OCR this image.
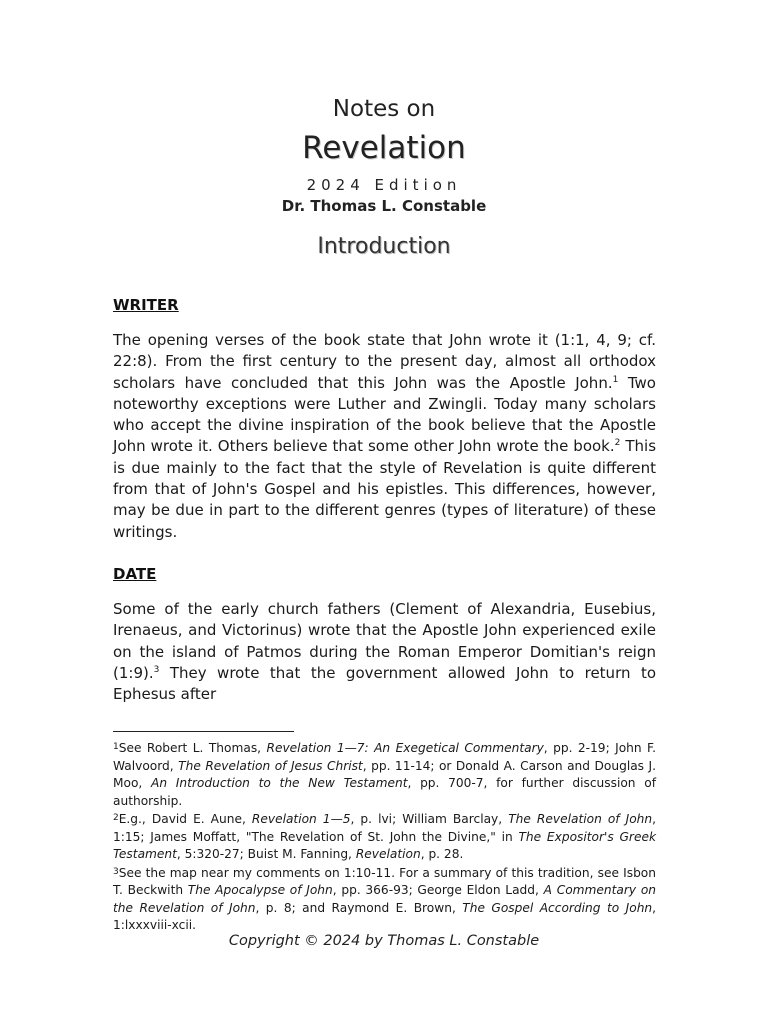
Notes on
Revelation
2024 Edition
Dr. Thomas L. Constable
Introduction
WRITER
The opening verses of the book state that John wrote it (1:1, 4, 9; cf. 22:8). From the first century to the present day, almost all orthodox scholars have concluded that this John was the Apostle John.$^1$ Two noteworthy exceptions were Luther and Zwingli. Today many scholars who accept the divine inspiration of the book believe that the Apostle John wrote it. Others believe that some other John wrote the book.$^2$ This is due mainly to the fact that the style of Revelation is quite different from that of John's Gospel and his epistles. This differences, however, may be due in part to the different genres (types of literature) of these writings.
DATE
Some of the early church fathers (Clement of Alexandria, Eusebius, Irenaeus, and Victorinus) wrote that the Apostle John experienced exile on the island of Patmos during the Roman Emperor Domitian's reign (1:9).$^3$ They wrote that the government allowed John to return to Ephesus after

$^1$See Robert L. Thomas, Revelation 1—7: An Exegetical Commentary, pp. 2-19; John F. Walvoord, The Revelation of Jesus Christ, pp. 11-14; or Donald A. Carson and Douglas J. Moo, An Introduction to the New Testament, pp. 700-7, for further discussion of authorship.

$^2$E.g., David E. Aune, Revelation 1—5, p. lvi; William Barclay, The Revelation of John, 1:15; James Moffatt, "The Revelation of St. John the Divine," in The Expositor's Greek Testament, 5:320-27; Buist M. Fanning, Revelation, p. 28.

$^3$See the map near my comments on 1:10-11. For a summary of this tradition, see Isbon T. Beckwith The Apocalypse of John, pp. 366-93; George Eldon Ladd, A Commentary on the Revelation of John, p. 8; and Raymond E. Brown, The Gospel According to John, 1:lxxxviii-xcii.

Copyright © 2024 by Thomas L. Constable
